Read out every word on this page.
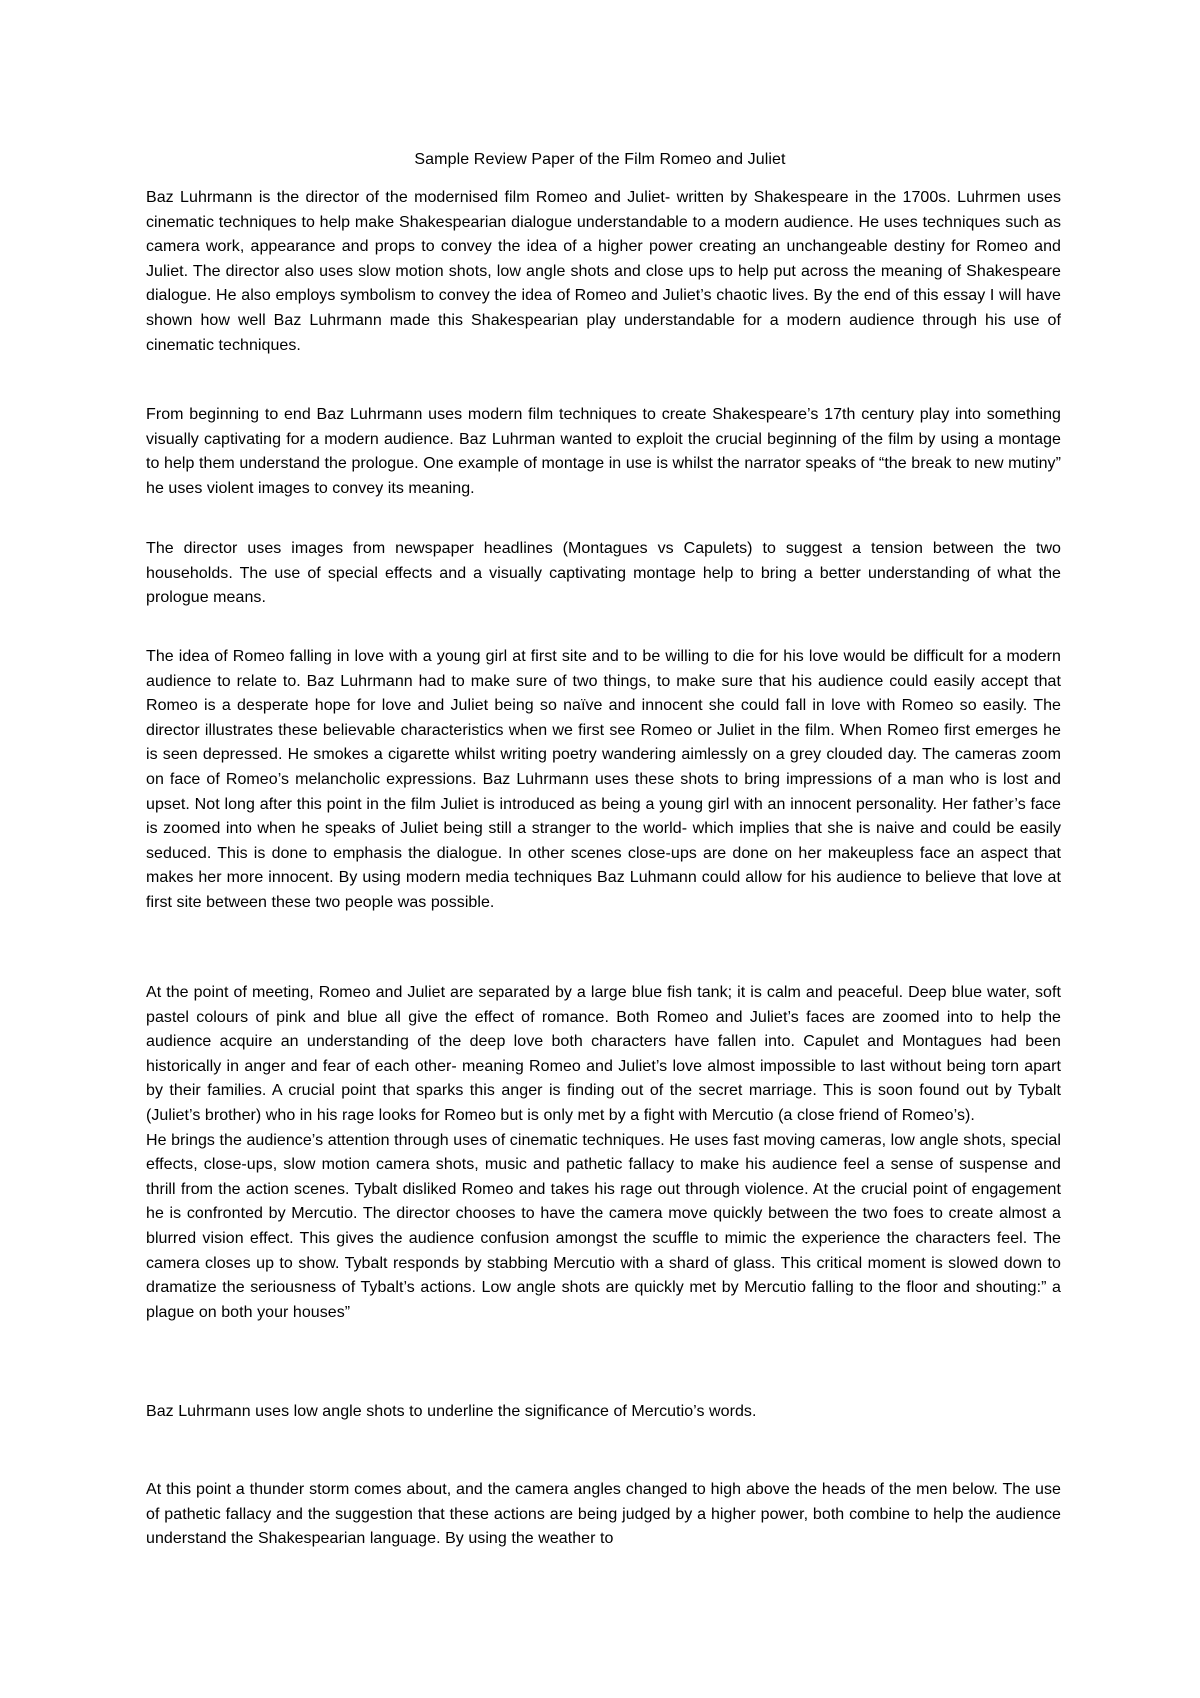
Sample Review Paper of the Film Romeo and Juliet
Baz Luhrmann is the director of the modernised film Romeo and Juliet- written by Shakespeare in the 1700s. Luhrmen uses cinematic techniques to help make Shakespearian dialogue understandable to a modern audience. He uses techniques such as camera work, appearance and props to convey the idea of a higher power creating an unchangeable destiny for Romeo and Juliet. The director also uses slow motion shots, low angle shots and close ups to help put across the meaning of Shakespeare dialogue. He also employs symbolism to convey the idea of Romeo and Juliet’s chaotic lives. By the end of this essay I will have shown how well Baz Luhrmann made this Shakespearian play understandable for a modern audience through his use of cinematic techniques.
From beginning to end Baz Luhrmann uses modern film techniques to create Shakespeare’s 17th century play into something visually captivating for a modern audience. Baz Luhrman wanted to exploit the crucial beginning of the film by using a montage to help them understand the prologue. One example of montage in use is whilst the narrator speaks of “the break to new mutiny” he uses violent images to convey its meaning.
The director uses images from newspaper headlines (Montagues vs Capulets) to suggest a tension between the two households. The use of special effects and a visually captivating montage help to bring a better understanding of what the prologue means.
The idea of Romeo falling in love with a young girl at first site and to be willing to die for his love would be difficult for a modern audience to relate to. Baz Luhrmann had to make sure of two things, to make sure that his audience could easily accept that Romeo is a desperate hope for love and Juliet being so naïve and innocent she could fall in love with Romeo so easily. The director illustrates these believable characteristics when we first see Romeo or Juliet in the film. When Romeo first emerges he is seen depressed. He smokes a cigarette whilst writing poetry wandering aimlessly on a grey clouded day. The cameras zoom on face of Romeo’s melancholic expressions. Baz Luhrmann uses these shots to bring impressions of a man who is lost and upset. Not long after this point in the film Juliet is introduced as being a young girl with an innocent personality. Her father’s face is zoomed into when he speaks of Juliet being still a stranger to the world- which implies that she is naive and could be easily seduced. This is done to emphasis the dialogue. In other scenes close-ups are done on her makeupless face an aspect that makes her more innocent. By using modern media techniques Baz Luhmann could allow for his audience to believe that love at first site between these two people was possible.
At the point of meeting, Romeo and Juliet are separated by a large blue fish tank; it is calm and peaceful. Deep blue water, soft pastel colours of pink and blue all give the effect of romance. Both Romeo and Juliet’s faces are zoomed into to help the audience acquire an understanding of the deep love both characters have fallen into. Capulet and Montagues had been historically in anger and fear of each other- meaning Romeo and Juliet’s love almost impossible to last without being torn apart by their families. A crucial point that sparks this anger is finding out of the secret marriage. This is soon found out by Tybalt (Juliet’s brother) who in his rage looks for Romeo but is only met by a fight with Mercutio (a close friend of Romeo’s).
He brings the audience’s attention through uses of cinematic techniques. He uses fast moving cameras, low angle shots, special effects, close-ups, slow motion camera shots, music and pathetic fallacy to make his audience feel a sense of suspense and thrill from the action scenes. Tybalt disliked Romeo and takes his rage out through violence. At the crucial point of engagement he is confronted by Mercutio. The director chooses to have the camera move quickly between the two foes to create almost a blurred vision effect. This gives the audience confusion amongst the scuffle to mimic the experience the characters feel. The camera closes up to show. Tybalt responds by stabbing Mercutio with a shard of glass. This critical moment is slowed down to dramatize the seriousness of Tybalt’s actions. Low angle shots are quickly met by Mercutio falling to the floor and shouting:” a plague on both your houses”
Baz Luhrmann uses low angle shots to underline the significance of Mercutio’s words.
At this point a thunder storm comes about, and the camera angles changed to high above the heads of the men below. The use of pathetic fallacy and the suggestion that these actions are being judged by a higher power, both combine to help the audience understand the Shakespearian language. By using the weather to
